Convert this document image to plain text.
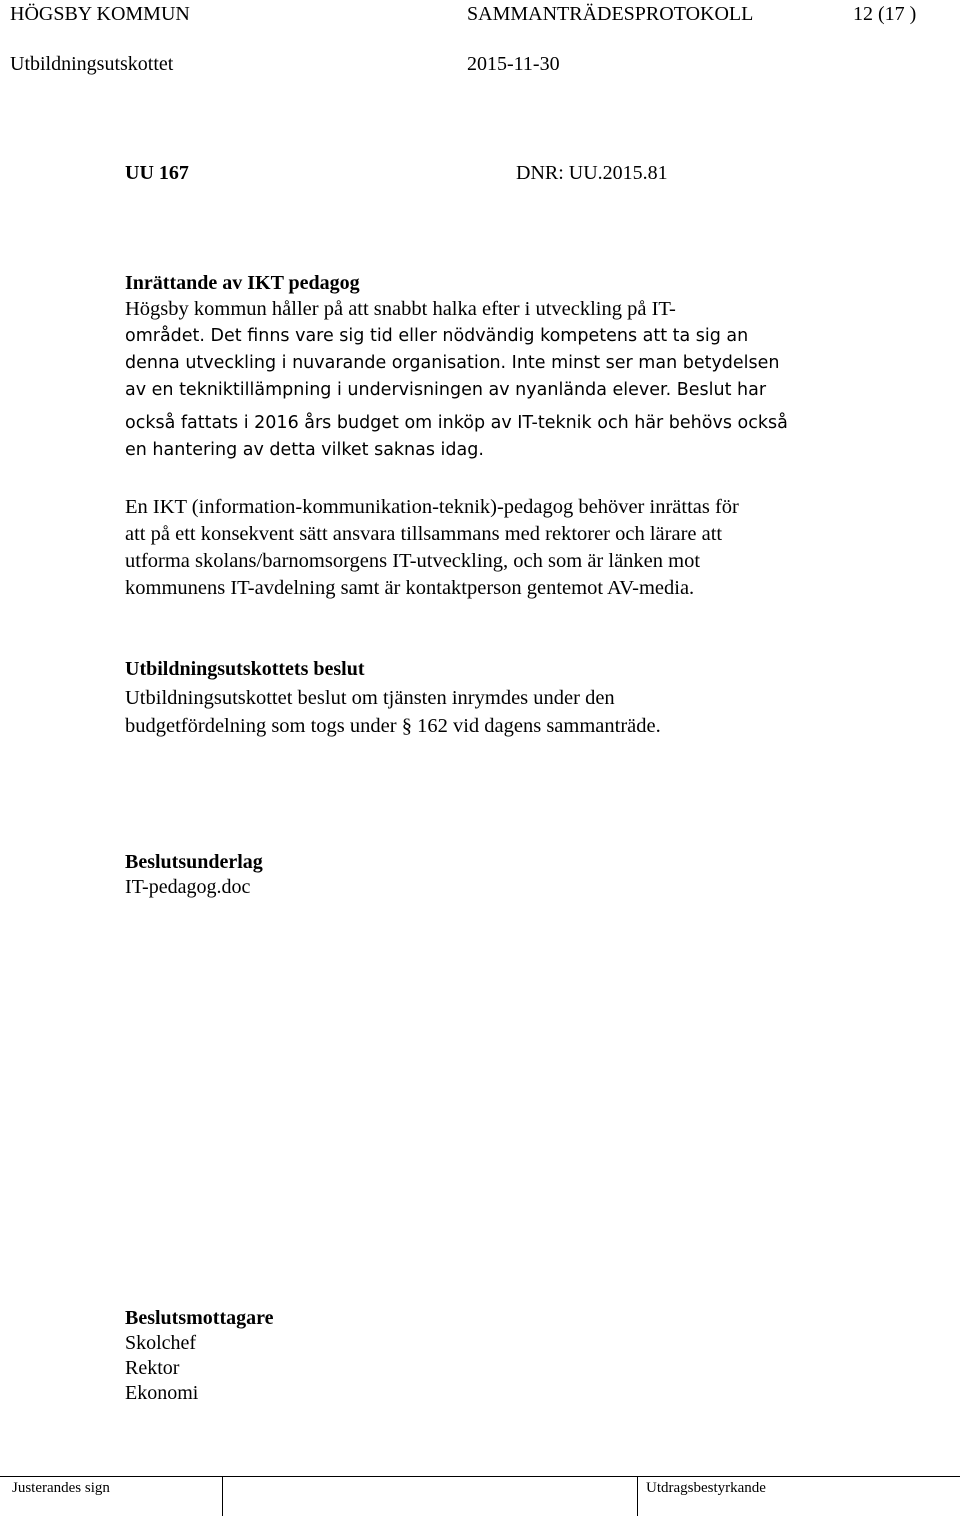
HÖGSBY KOMMUN	SAMMANTRÄDESPROTOKOLL	12 (17 )
Utbildningsutskottet	2015-11-30
UU 167	DNR: UU.2015.81
Inrättande av IKT pedagog
Högsby kommun håller på att snabbt halka efter i utveckling på IT-
området. Det finns vare sig tid eller nödvändig kompetens att ta sig an
denna utveckling i nuvarande organisation. Inte minst ser man betydelsen
av en tekniktillämpning i undervisningen av nyanlända elever. Beslut har
också fattats i 2016 års budget om inköp av IT-teknik och här behövs också
en hantering av detta vilket saknas idag.
En IKT (information-kommunikation-teknik)-pedagog behöver inrättas för
att på ett konsekvent sätt ansvara tillsammans med rektorer och lärare att
utforma skolans/barnomsorgens IT-utveckling, och som är länken mot
kommunens IT-avdelning samt är kontaktperson gentemot AV-media.
Utbildningsutskottets beslut
Utbildningsutskottet beslut om tjänsten inrymdes under den
budgetfördelning som togs under § 162 vid dagens sammanträde.
Beslutsunderlag
IT-pedagog.doc
Beslutsmottagare
Skolchef
Rektor
Ekonomi
Justerandes sign	Utdragsbestyrkande
